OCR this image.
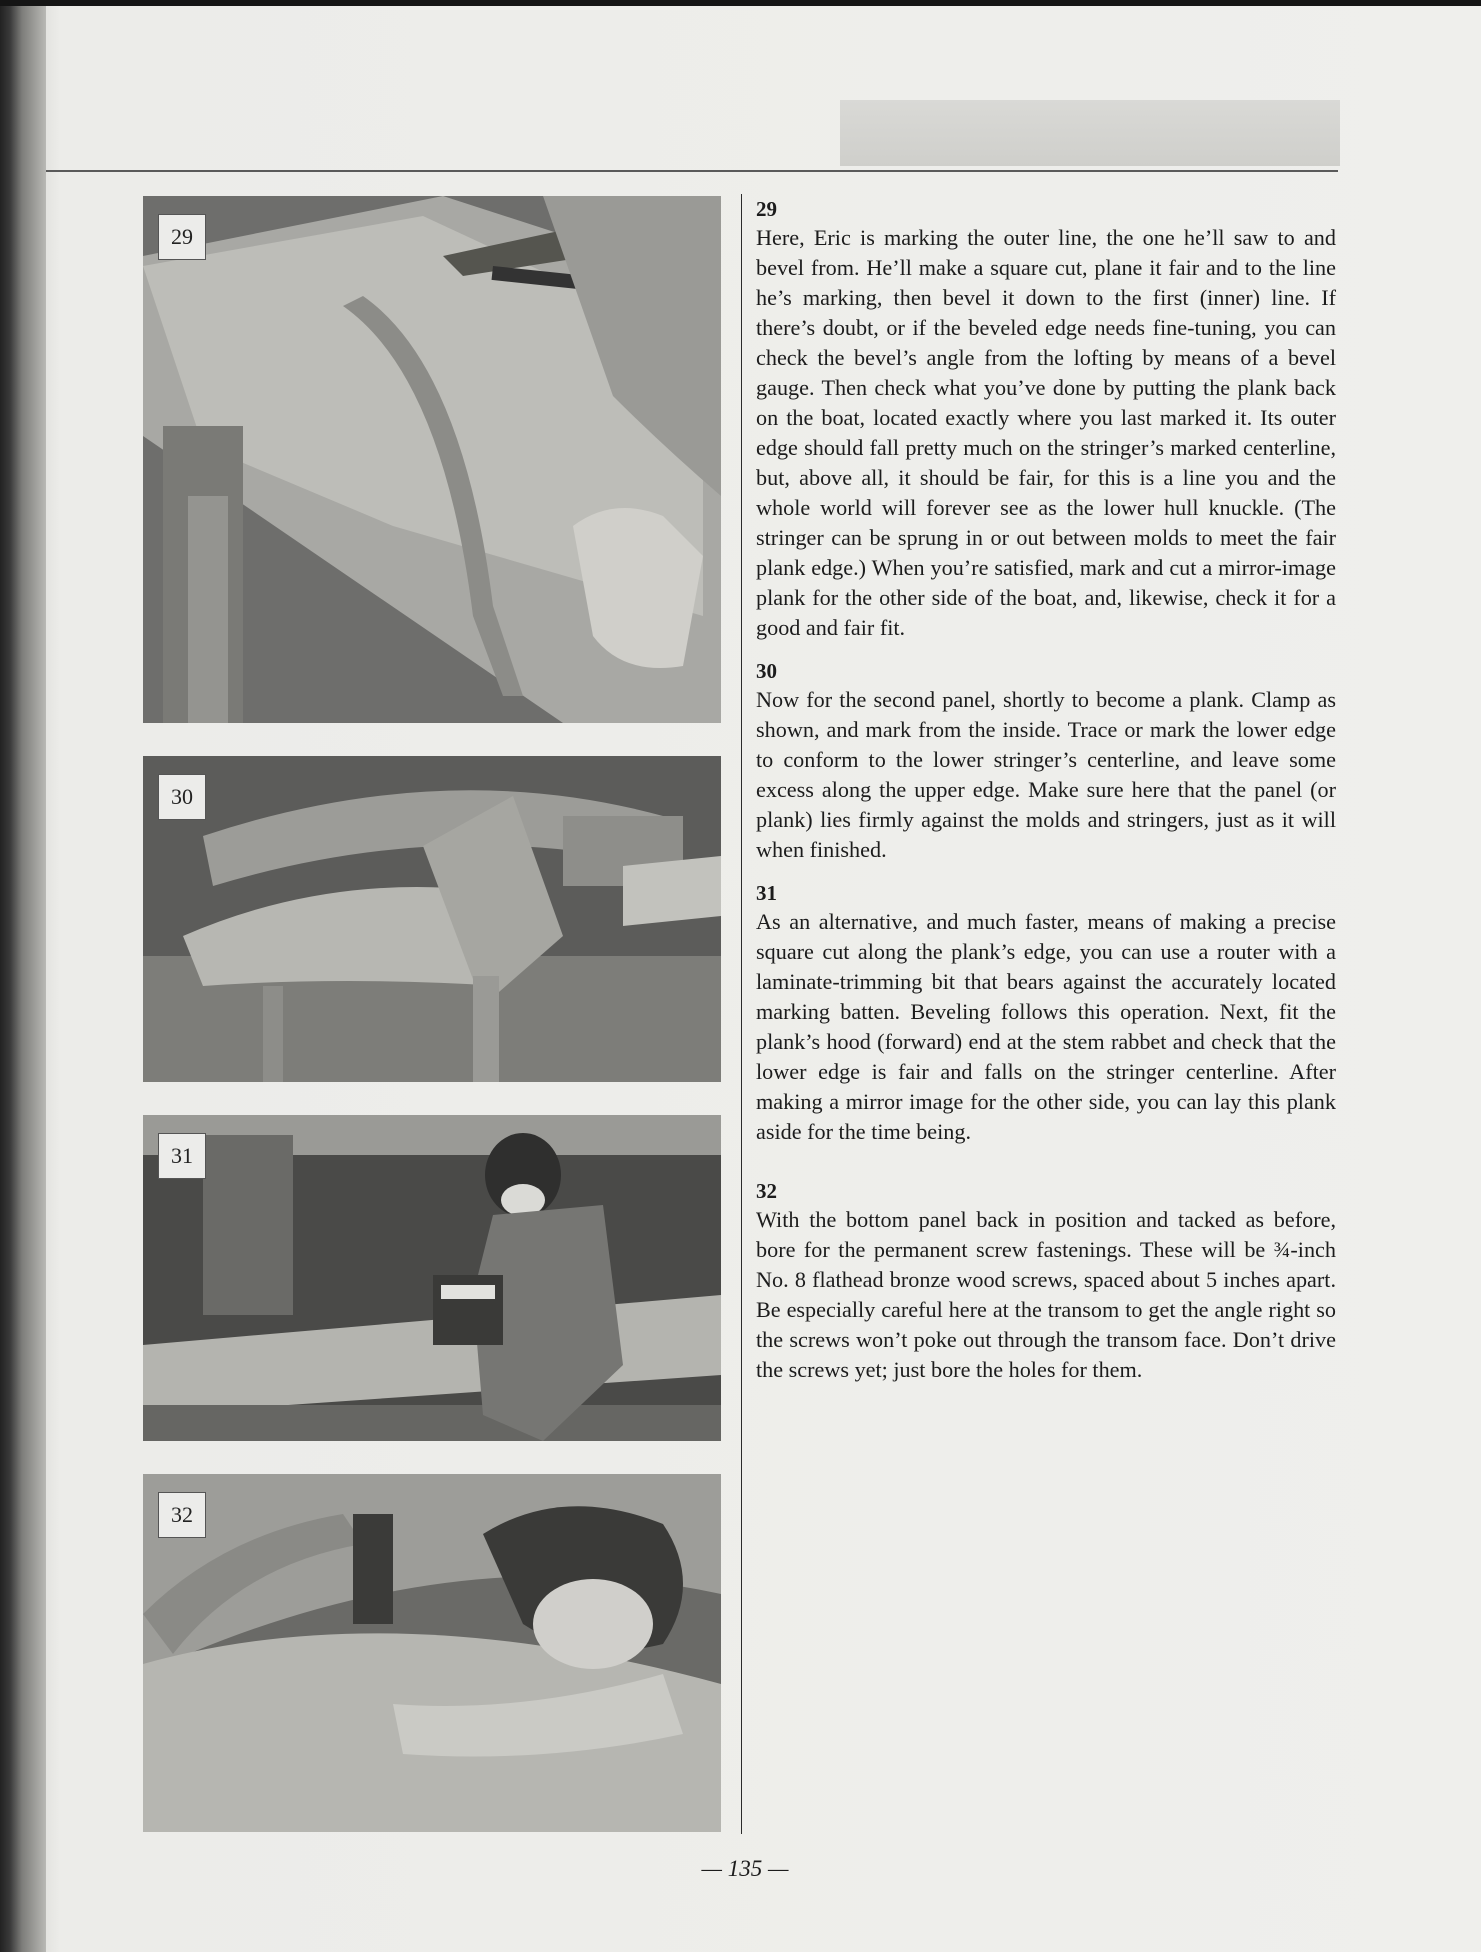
29
30
31
32

29

Here, Eric is marking the outer line, the one he’ll saw to and bevel from. He’ll make a square cut, plane it fair and to the line he’s marking, then bevel it down to the first (inner) line. If there’s doubt, or if the beveled edge needs fine-tuning, you can check the bevel’s angle from the lofting by means of a bevel gauge. Then check what you’ve done by putting the plank back on the boat, located exactly where you last marked it. Its outer edge should fall pretty much on the stringer’s marked centerline, but, above all, it should be fair, for this is a line you and the whole world will forever see as the lower hull knuckle. (The stringer can be sprung in or out between molds to meet the fair plank edge.) When you’re satisfied, mark and cut a mirror-image plank for the other side of the boat, and, likewise, check it for a good and fair fit.

30

Now for the second panel, shortly to become a plank. Clamp as shown, and mark from the inside. Trace or mark the lower edge to conform to the lower stringer’s centerline, and leave some excess along the upper edge. Make sure here that the panel (or plank) lies firmly against the molds and stringers, just as it will when finished.

31

As an alternative, and much faster, means of making a precise square cut along the plank’s edge, you can use a router with a laminate-trimming bit that bears against the accurately located marking batten. Beveling follows this operation. Next, fit the plank’s hood (forward) end at the stem rabbet and check that the lower edge is fair and falls on the stringer centerline. After making a mirror image for the other side, you can lay this plank aside for the time being.

32

With the bottom panel back in position and tacked as before, bore for the permanent screw fastenings. These will be ¾-inch No. 8 flathead bronze wood screws, spaced about 5 inches apart. Be especially careful here at the transom to get the angle right so the screws won’t poke out through the transom face. Don’t drive the screws yet; just bore the holes for them.

— 135 —
